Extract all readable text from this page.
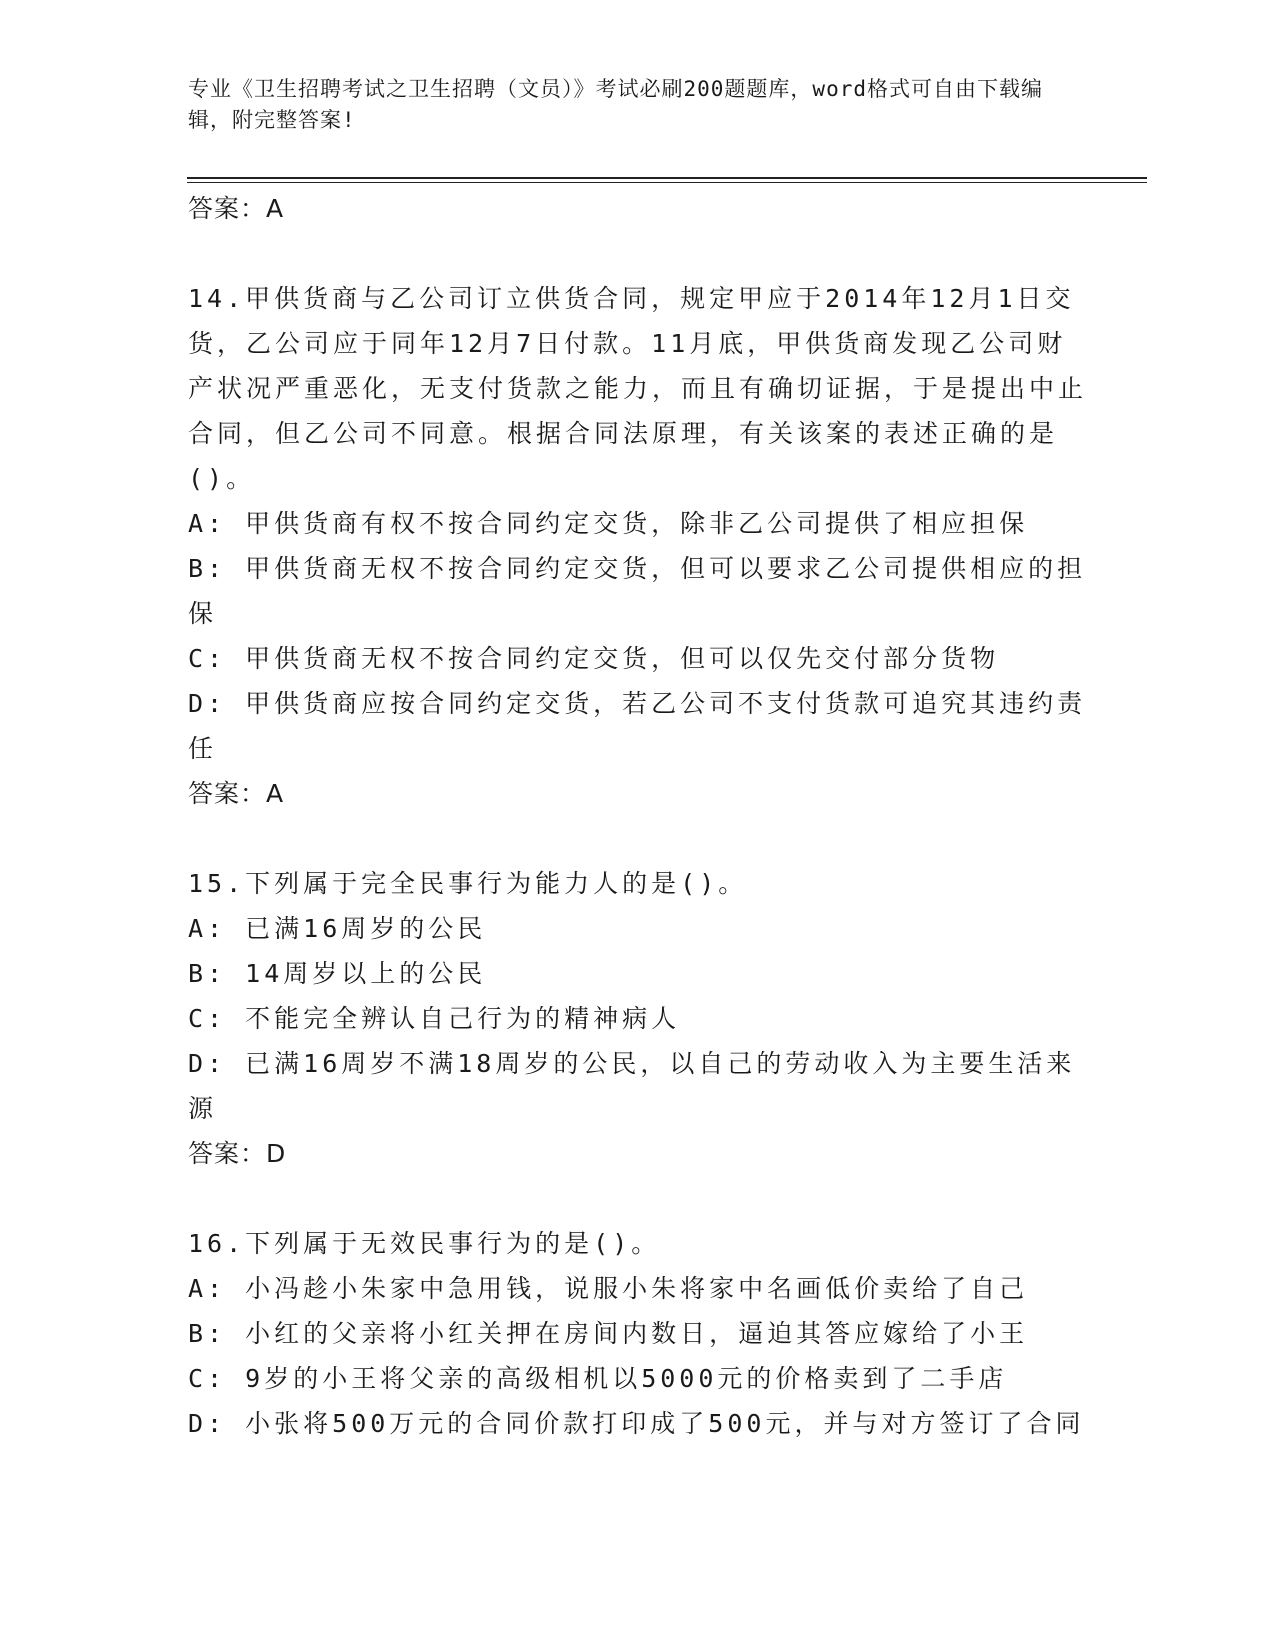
专业《卫生招聘考试之卫生招聘（文员）》考试必刷200题题库，word格式可自由下载编辑，附完整答案!
答案：A
14.甲供货商与乙公司订立供货合同，规定甲应于2014年12月1日交货，乙公司应于同年12月7日付款。11月底，甲供货商发现乙公司财产状况严重恶化，无支付货款之能力，而且有确切证据，于是提出中止合同，但乙公司不同意。根据合同法原理，有关该案的表述正确的是()。
A: 甲供货商有权不按合同约定交货，除非乙公司提供了相应担保
B: 甲供货商无权不按合同约定交货，但可以要求乙公司提供相应的担保
C: 甲供货商无权不按合同约定交货，但可以仅先交付部分货物
D: 甲供货商应按合同约定交货，若乙公司不支付货款可追究其违约责任
答案：A
15.下列属于完全民事行为能力人的是()。
A: 已满16周岁的公民
B: 14周岁以上的公民
C: 不能完全辨认自己行为的精神病人
D: 已满16周岁不满18周岁的公民，以自己的劳动收入为主要生活来源
答案：D
16.下列属于无效民事行为的是()。
A: 小冯趁小朱家中急用钱，说服小朱将家中名画低价卖给了自己
B: 小红的父亲将小红关押在房间内数日，逼迫其答应嫁给了小王
C: 9岁的小王将父亲的高级相机以5000元的价格卖到了二手店
D: 小张将500万元的合同价款打印成了500元，并与对方签订了合同
